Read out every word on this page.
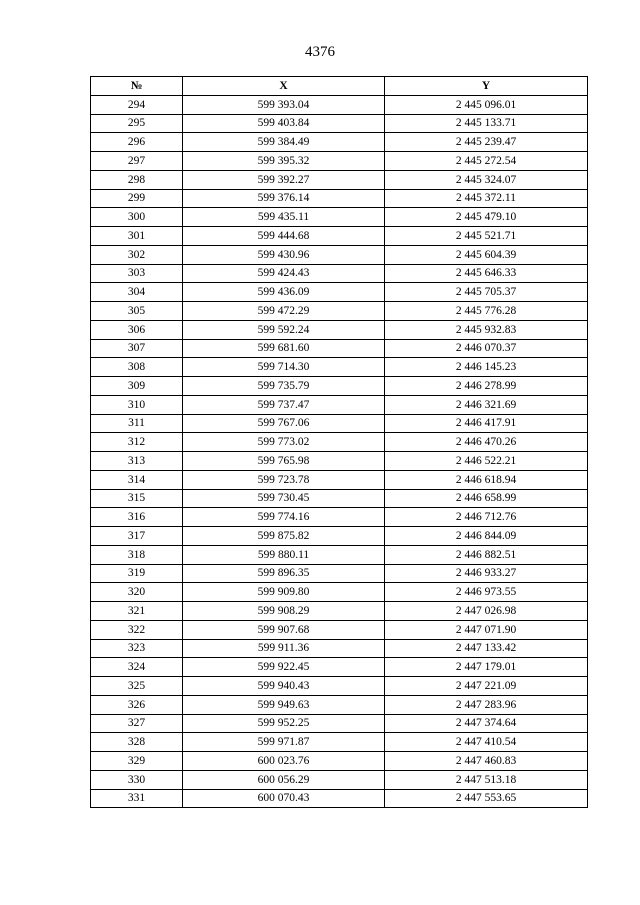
4376
№	X	Y
294	599 393.04	2 445 096.01
295	599 403.84	2 445 133.71
296	599 384.49	2 445 239.47
297	599 395.32	2 445 272.54
298	599 392.27	2 445 324.07
299	599 376.14	2 445 372.11
300	599 435.11	2 445 479.10
301	599 444.68	2 445 521.71
302	599 430.96	2 445 604.39
303	599 424.43	2 445 646.33
304	599 436.09	2 445 705.37
305	599 472.29	2 445 776.28
306	599 592.24	2 445 932.83
307	599 681.60	2 446 070.37
308	599 714.30	2 446 145.23
309	599 735.79	2 446 278.99
310	599 737.47	2 446 321.69
311	599 767.06	2 446 417.91
312	599 773.02	2 446 470.26
313	599 765.98	2 446 522.21
314	599 723.78	2 446 618.94
315	599 730.45	2 446 658.99
316	599 774.16	2 446 712.76
317	599 875.82	2 446 844.09
318	599 880.11	2 446 882.51
319	599 896.35	2 446 933.27
320	599 909.80	2 446 973.55
321	599 908.29	2 447 026.98
322	599 907.68	2 447 071.90
323	599 911.36	2 447 133.42
324	599 922.45	2 447 179.01
325	599 940.43	2 447 221.09
326	599 949.63	2 447 283.96
327	599 952.25	2 447 374.64
328	599 971.87	2 447 410.54
329	600 023.76	2 447 460.83
330	600 056.29	2 447 513.18
331	600 070.43	2 447 553.65
